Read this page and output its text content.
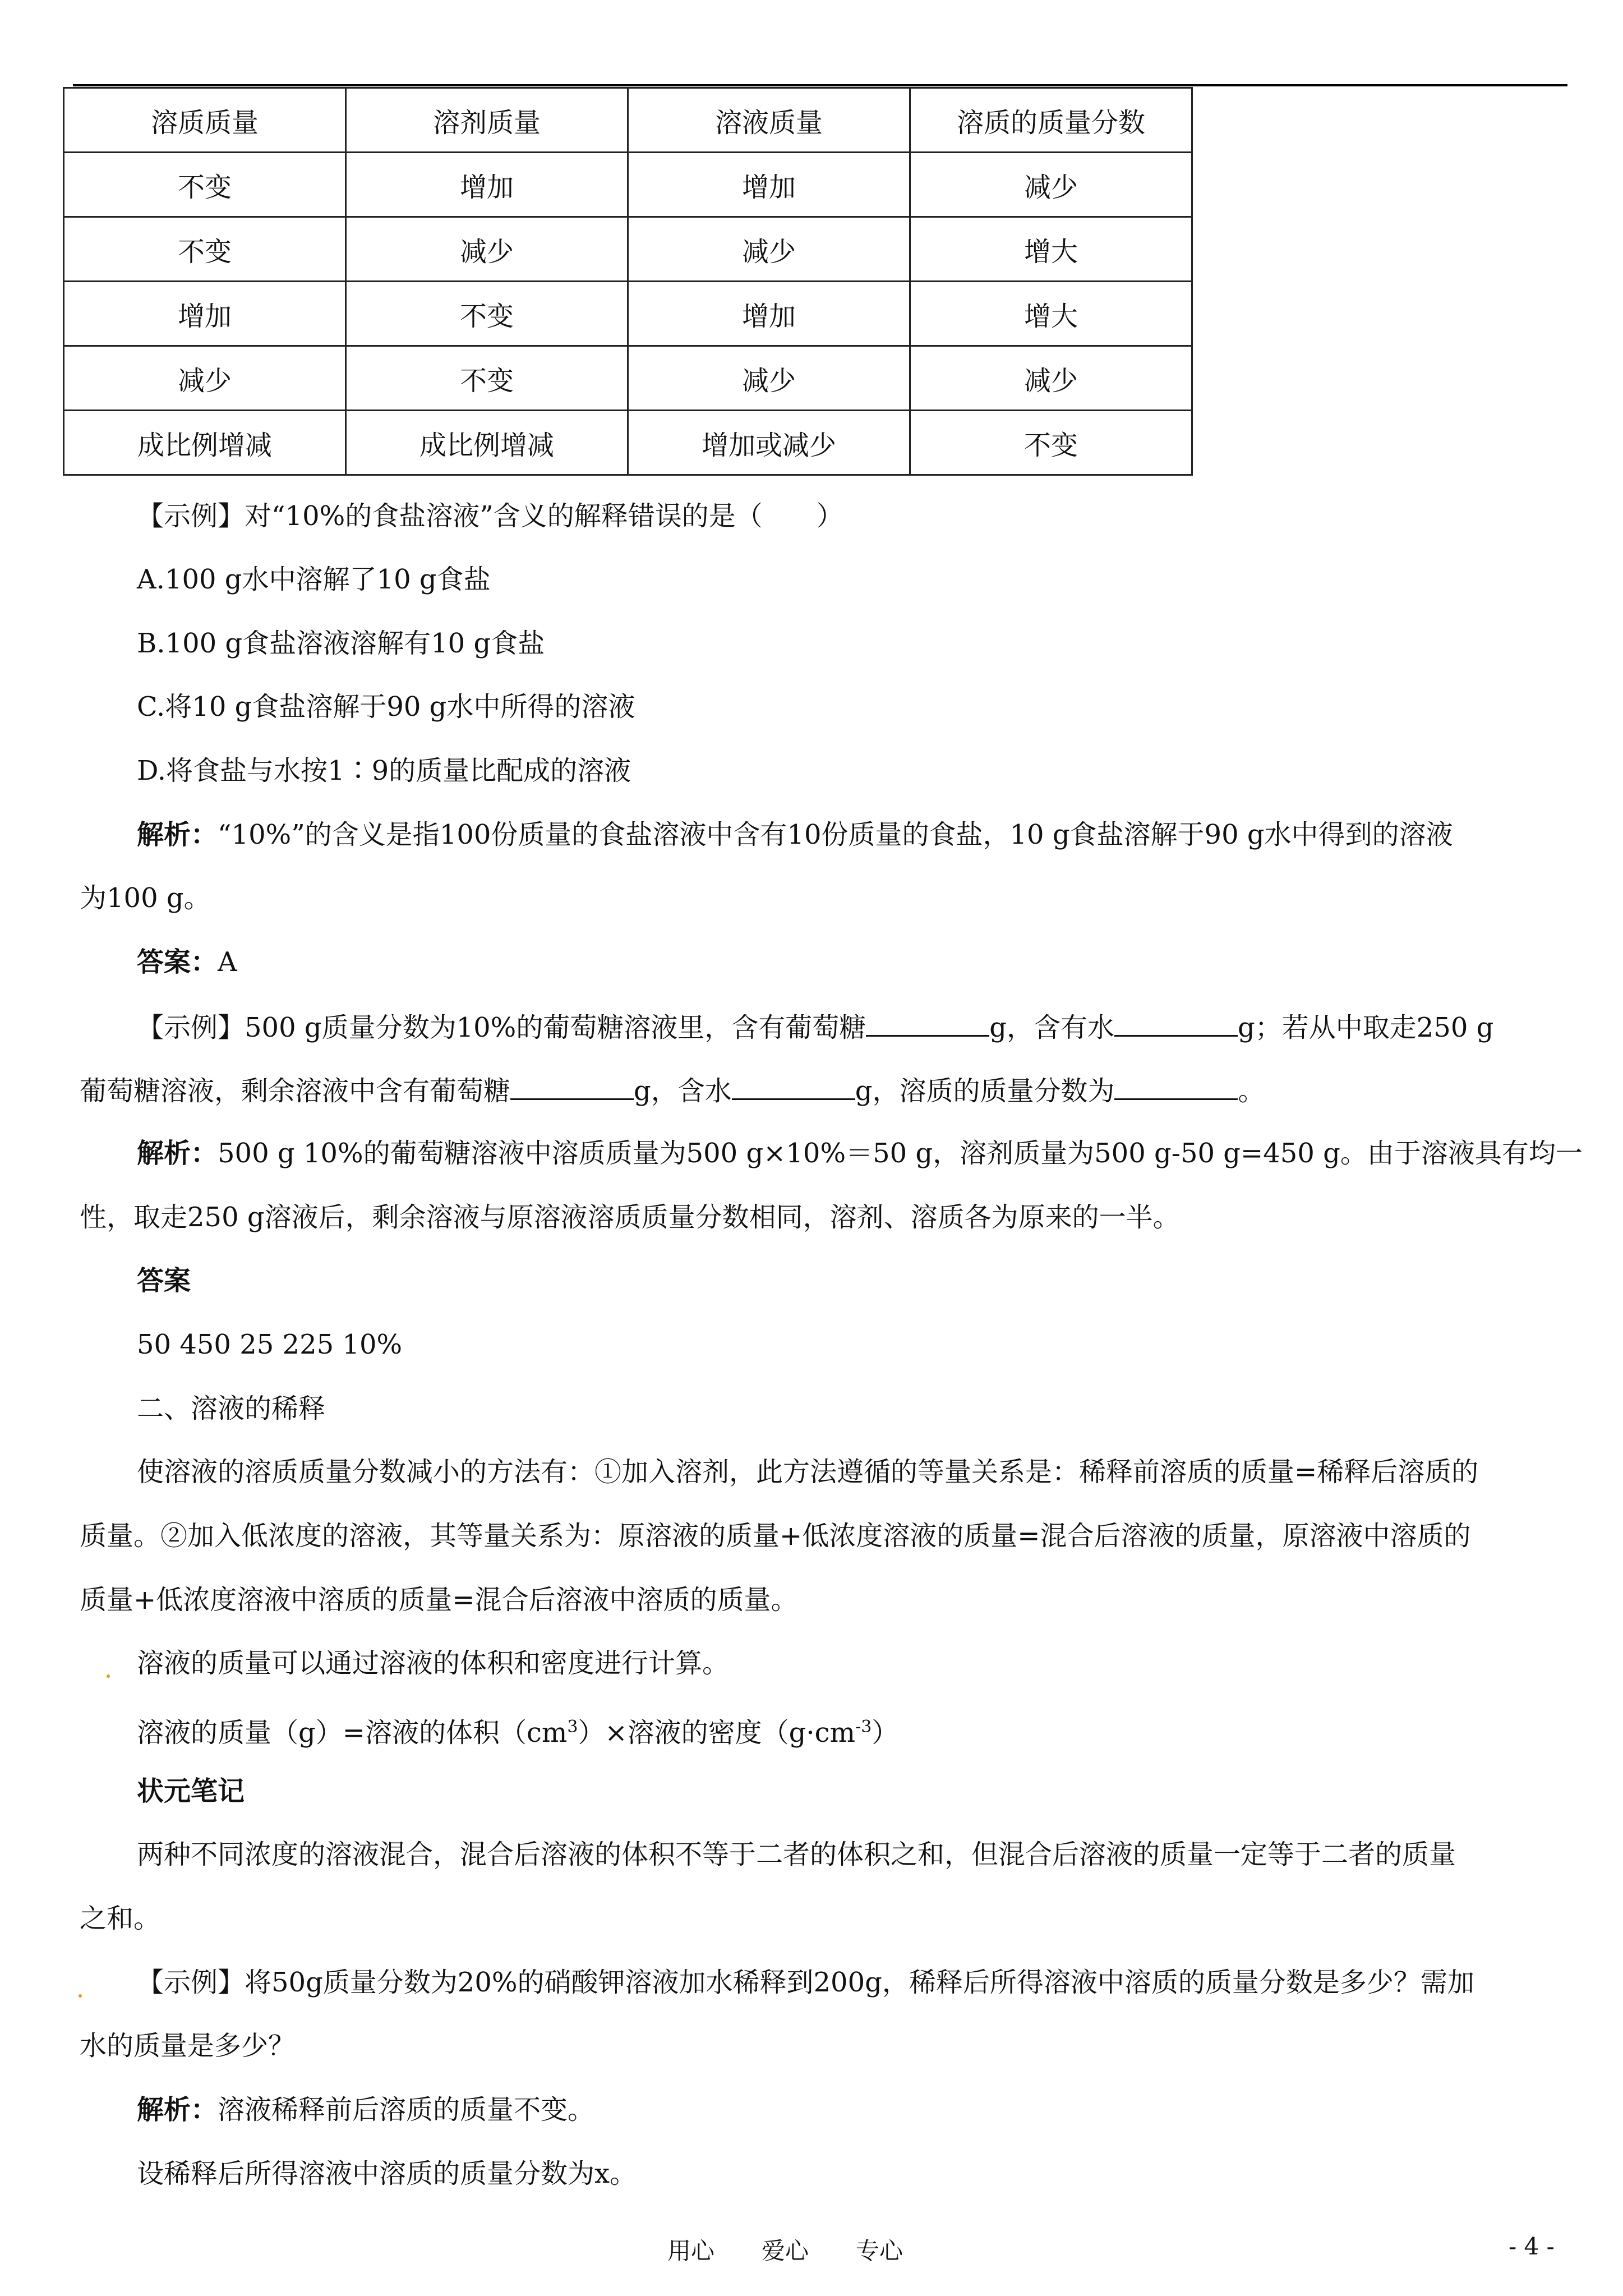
溶质质量	溶剂质量	溶液质量	溶质的质量分数
不变	增加	增加	减少
不变	减少	减少	增大
增加	不变	增加	增大
减少	不变	减少	减少
成比例增减	成比例增减	增加或减少	不变
【示例】对“10%的食盐溶液”含义的解释错误的是（　　）
A.100 g水中溶解了10 g食盐
B.100 g食盐溶液溶解有10 g食盐
C.将10 g食盐溶解于90 g水中所得的溶液
D.将食盐与水按1∶9的质量比配成的溶液
解析：“10%”的含义是指100份质量的食盐溶液中含有10份质量的食盐，10 g食盐溶解于90 g水中得到的溶液
为100 g。
答案：A
【示例】500 g质量分数为10%的葡萄糖溶液里，含有葡萄糖	g，含有水	g；若从中取走250 g
葡萄糖溶液，剩余溶液中含有葡萄糖	g，含水	g，溶质的质量分数为	。
解析：500 g 10%的葡萄糖溶液中溶质质量为500 g×10%＝50 g，溶剂质量为500 g-50 g=450 g。由于溶液具有均一
性，取走250 g溶液后，剩余溶液与原溶液溶质质量分数相同，溶剂、溶质各为原来的一半。
答案
50 450 25 225 10%
二、溶液的稀释
使溶液的溶质质量分数减小的方法有：①加入溶剂，此方法遵循的等量关系是：稀释前溶质的质量=稀释后溶质的
质量。②加入低浓度的溶液，其等量关系为：原溶液的质量+低浓度溶液的质量=混合后溶液的质量，原溶液中溶质的
质量+低浓度溶液中溶质的质量=混合后溶液中溶质的质量。
溶液的质量可以通过溶液的体积和密度进行计算。
溶液的质量（g）=溶液的体积$(cm^3)\times$溶液的密度$(g\cdot cm^{-3})$
状元笔记
两种不同浓度的溶液混合，混合后溶液的体积不等于二者的体积之和，但混合后溶液的质量一定等于二者的质量
之和。
【示例】将50g质量分数为20%的硝酸钾溶液加水稀释到200g，稀释后所得溶液中溶质的质量分数是多少？需加
水的质量是多少？
解析：溶液稀释前后溶质的质量不变。
设稀释后所得溶液中溶质的质量分数为x。
用心　　爱心　　专心	- 4 -
